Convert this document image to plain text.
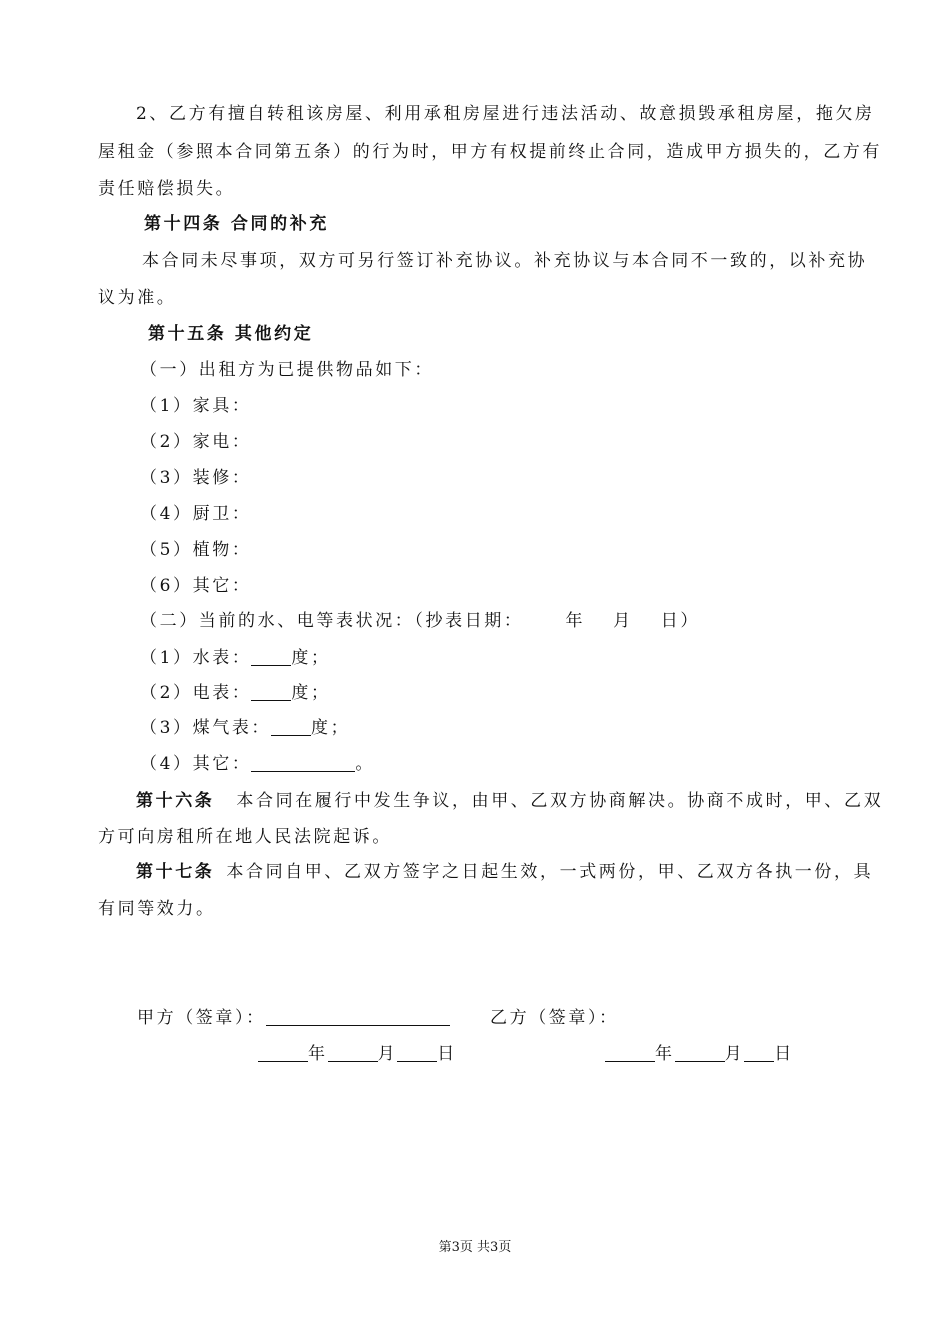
2、乙方有擅自转租该房屋、利用承租房屋进行违法活动、故意损毁承租房屋，拖欠房
屋租金（参照本合同第五条）的行为时，甲方有权提前终止合同，造成甲方损失的，乙方有
责任赔偿损失。
第十四条 合同的补充
本合同未尽事项，双方可另行签订补充协议。补充协议与本合同不一致的，以补充协
议为准。
第十五条 其他约定
（一）出租方为已提供物品如下：
（1）家具：
（2）家电：
（3）装修：
（4）厨卫：
（5）植物：
（6）其它：
（二）当前的水、电等表状况：（抄表日期： 年 月 日）
（1）水表： 度；
（2）电表： 度；
（3）煤气表： 度；
（4）其它：	。
第十六条 本合同在履行中发生争议，由甲、乙双方协商解决。协商不成时，甲、乙双
方可向房租所在地人民法院起诉。
第十七条 本合同自甲、乙双方签字之日起生效，一式两份，甲、乙双方各执一份，具
有同等效力。
甲方（签章）：	乙方（签章）：
年	月 日	年	月 日
第3页 共3页
